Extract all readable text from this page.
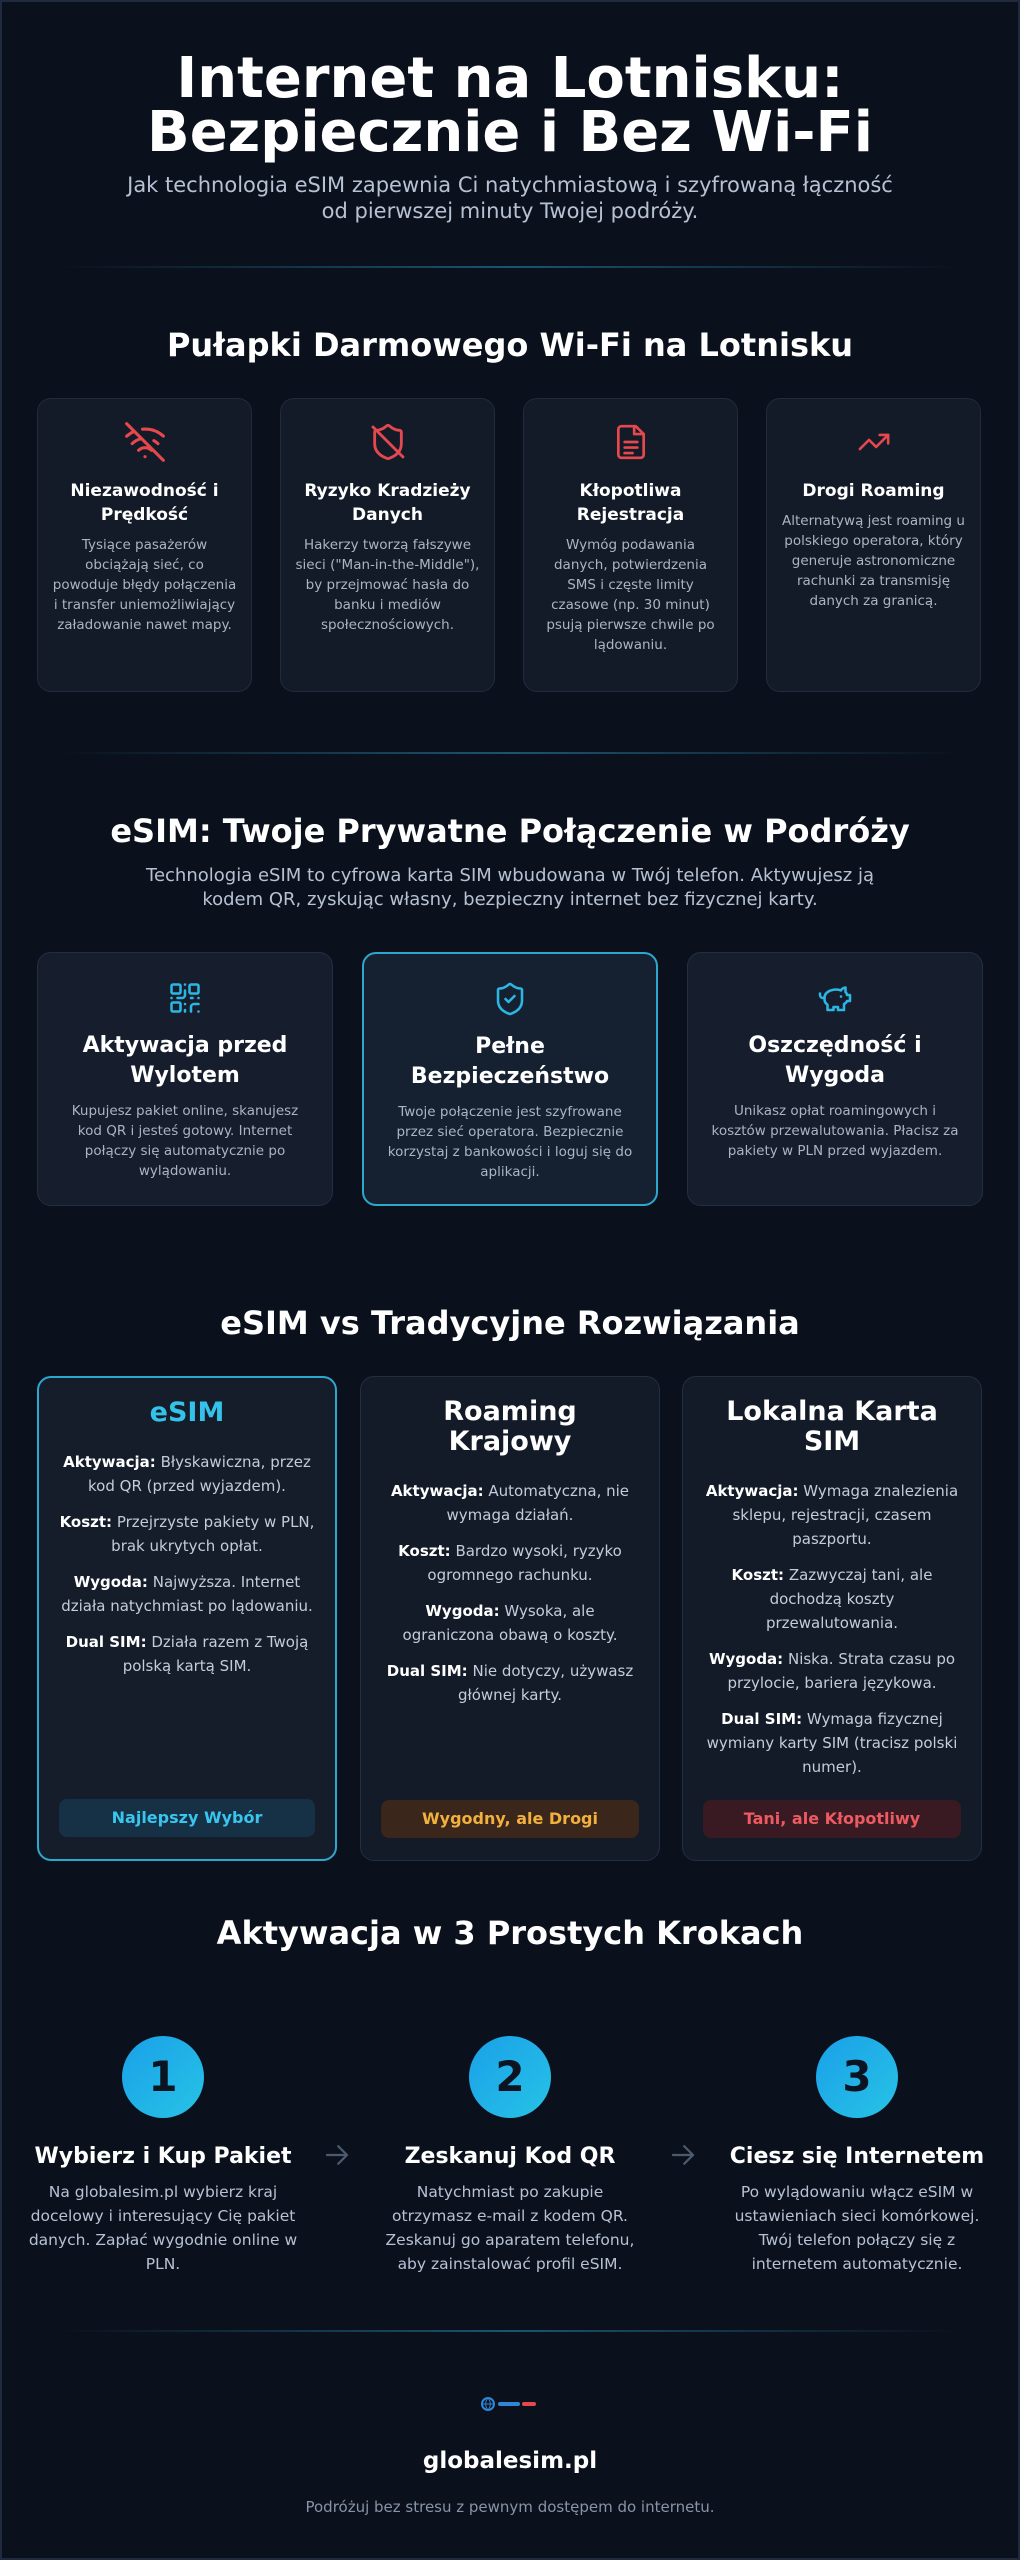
Internet na Lotnisku:
Bezpiecznie i Bez Wi-Fi
Jak technologia eSIM zapewnia Ci natychmiastową i szyfrowaną łączność od pierwszej minuty Twojej podróży.
Pułapki Darmowego Wi-Fi na Lotnisku
Niezawodność i Prędkość
Tysiące pasażerów obciążają sieć, co powoduje błędy połączenia i transfer uniemożliwiający załadowanie nawet mapy.
Ryzyko Kradzieży Danych
Hakerzy tworzą fałszywe sieci ("Man-in-the-Middle"), by przejmować hasła do banku i mediów społecznościowych.
Kłopotliwa Rejestracja
Wymóg podawania danych, potwierdzenia SMS i częste limity czasowe (np. 30 minut) psują pierwsze chwile po lądowaniu.
Drogi Roaming
Alternatywą jest roaming u polskiego operatora, który generuje astronomiczne rachunki za transmisję danych za granicą.
eSIM: Twoje Prywatne Połączenie w Podróży
Technologia eSIM to cyfrowa karta SIM wbudowana w Twój telefon. Aktywujesz ją kodem QR, zyskując własny, bezpieczny internet bez fizycznej karty.
Aktywacja przed Wylotem
Kupujesz pakiet online, skanujesz kod QR i jesteś gotowy. Internet połączy się automatycznie po wylądowaniu.
Pełne Bezpieczeństwo
Twoje połączenie jest szyfrowane przez sieć operatora. Bezpiecznie korzystaj z bankowości i loguj się do aplikacji.
Oszczędność i Wygoda
Unikasz opłat roamingowych i kosztów przewalutowania. Płacisz za pakiety w PLN przed wyjazdem.
eSIM vs Tradycyjne Rozwiązania
eSIM
Aktywacja: Błyskawiczna, przez kod QR (przed wyjazdem).
Koszt: Przejrzyste pakiety w PLN, brak ukrytych opłat.
Wygoda: Najwyższa. Internet działa natychmiast po lądowaniu.
Dual SIM: Działa razem z Twoją polską kartą SIM.
Najlepszy Wybór
Roaming Krajowy
Aktywacja: Automatyczna, nie wymaga działań.
Koszt: Bardzo wysoki, ryzyko ogromnego rachunku.
Wygoda: Wysoka, ale ograniczona obawą o koszty.
Dual SIM: Nie dotyczy, używasz głównej karty.
Wygodny, ale Drogi
Lokalna Karta SIM
Aktywacja: Wymaga znalezienia sklepu, rejestracji, czasem paszportu.
Koszt: Zazwyczaj tani, ale dochodzą koszty przewalutowania.
Wygoda: Niska. Strata czasu po przylocie, bariera językowa.
Dual SIM: Wymaga fizycznej wymiany karty SIM (tracisz polski numer).
Tani, ale Kłopotliwy
Aktywacja w 3 Prostych Krokach
1
Wybierz i Kup Pakiet
Na globalesim.pl wybierz kraj docelowy i interesujący Cię pakiet danych. Zapłać wygodnie online w PLN.
2
Zeskanuj Kod QR
Natychmiast po zakupie otrzymasz e-mail z kodem QR. Zeskanuj go aparatem telefonu, aby zainstalować profil eSIM.
3
Ciesz się Internetem
Po wylądowaniu włącz eSIM w ustawieniach sieci komórkowej. Twój telefon połączy się z internetem automatycznie.
globalesim.pl
Podróżuj bez stresu z pewnym dostępem do internetu.
